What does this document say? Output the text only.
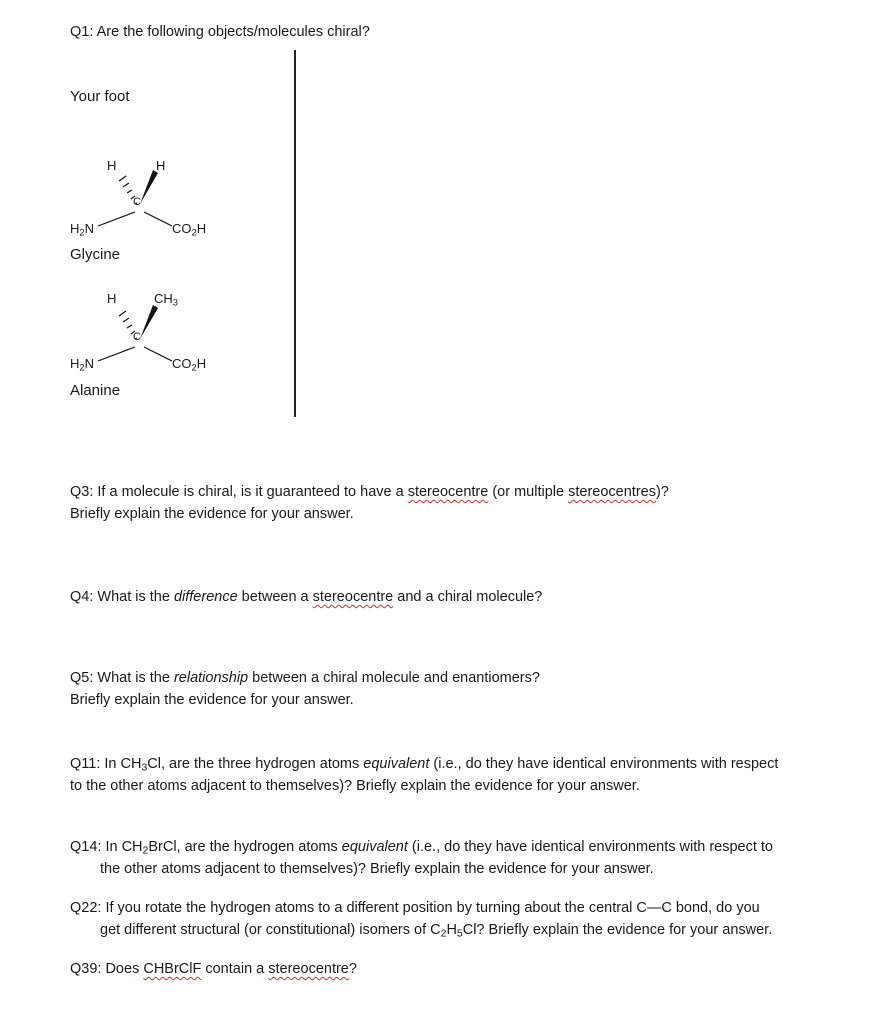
Q1: Are the following objects/molecules chiral?
Your foot
H	H
C
$H_2N$	$CO_2H$
Glycine
H	$CH_3$
C
$H_2N$	$CO_2H$
Alanine
Q3: If a molecule is chiral, is it guaranteed to have a stereocentre (or multiple stereocentres)?
Briefly explain the evidence for your answer.
Q4: What is the difference between a stereocentre and a chiral molecule?
Q5: What is the relationship between a chiral molecule and enantiomers?
Briefly explain the evidence for your answer.
Q11: In $CH_3Cl$, are the three hydrogen atoms equivalent (i.e., do they have identical environments with respect
to the other atoms adjacent to themselves)? Briefly explain the evidence for your answer.
Q14: In $CH_2BrCl$, are the hydrogen atoms equivalent (i.e., do they have identical environments with respect to
the other atoms adjacent to themselves)? Briefly explain the evidence for your answer.
Q22: If you rotate the hydrogen atoms to a different position by turning about the central C—C bond, do you
get different structural (or constitutional) isomers of $C_2H_5Cl$? Briefly explain the evidence for your answer.
Q39: Does CHBrClF contain a stereocentre?
